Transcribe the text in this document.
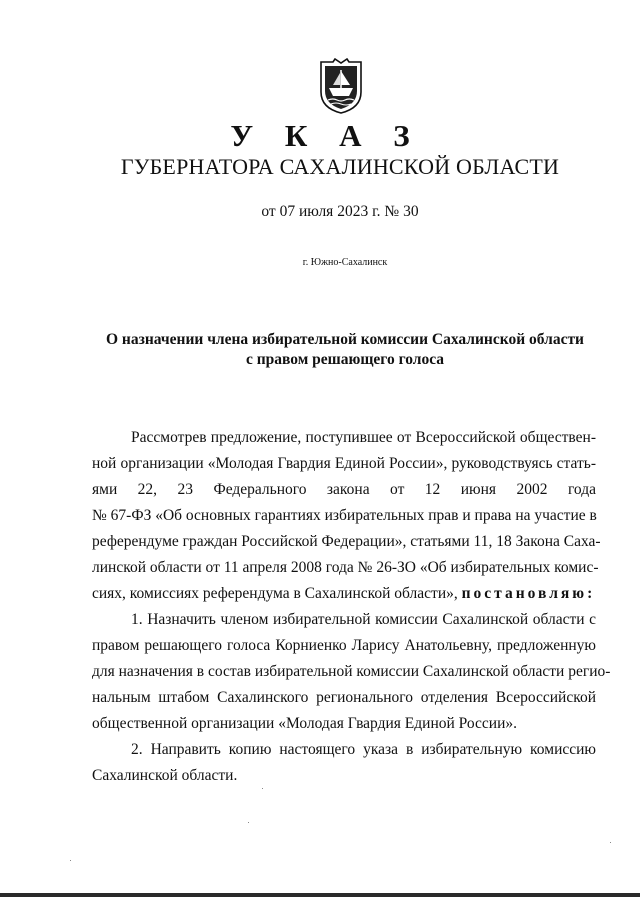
У К А З
ГУБЕРНАТОРА САХАЛИНСКОЙ ОБЛАСТИ
от 07 июля 2023 г. № 30
г. Южно-Сахалинск
О назначении члена избирательной комиссии Сахалинской области
с правом решающего голоса
Рассмотрев предложение, поступившее от Всероссийской обществен-
ной организации «Молодая Гвардия Единой России», руководствуясь стать-
ями 22, 23 Федерального закона от 12 июня 2002 года
№ 67-ФЗ «Об основных гарантиях избирательных прав и права на участие в
референдуме граждан Российской Федерации», статьями 11, 18 Закона Саха-
линской области от 11 апреля 2008 года № 26-ЗО «Об избирательных комис-
сиях, комиссиях референдума в Сахалинской области», постановляю:
1. Назначить членом избирательной комиссии Сахалинской области с
правом решающего голоса Корниенко Ларису Анатольевну, предложенную
для назначения в состав избирательной комиссии Сахалинской области регио-
нальным штабом Сахалинского регионального отделения Всероссийской
общественной организации «Молодая Гвардия Единой России».
2. Направить копию настоящего указа в избирательную комиссию
Сахалинской области.
